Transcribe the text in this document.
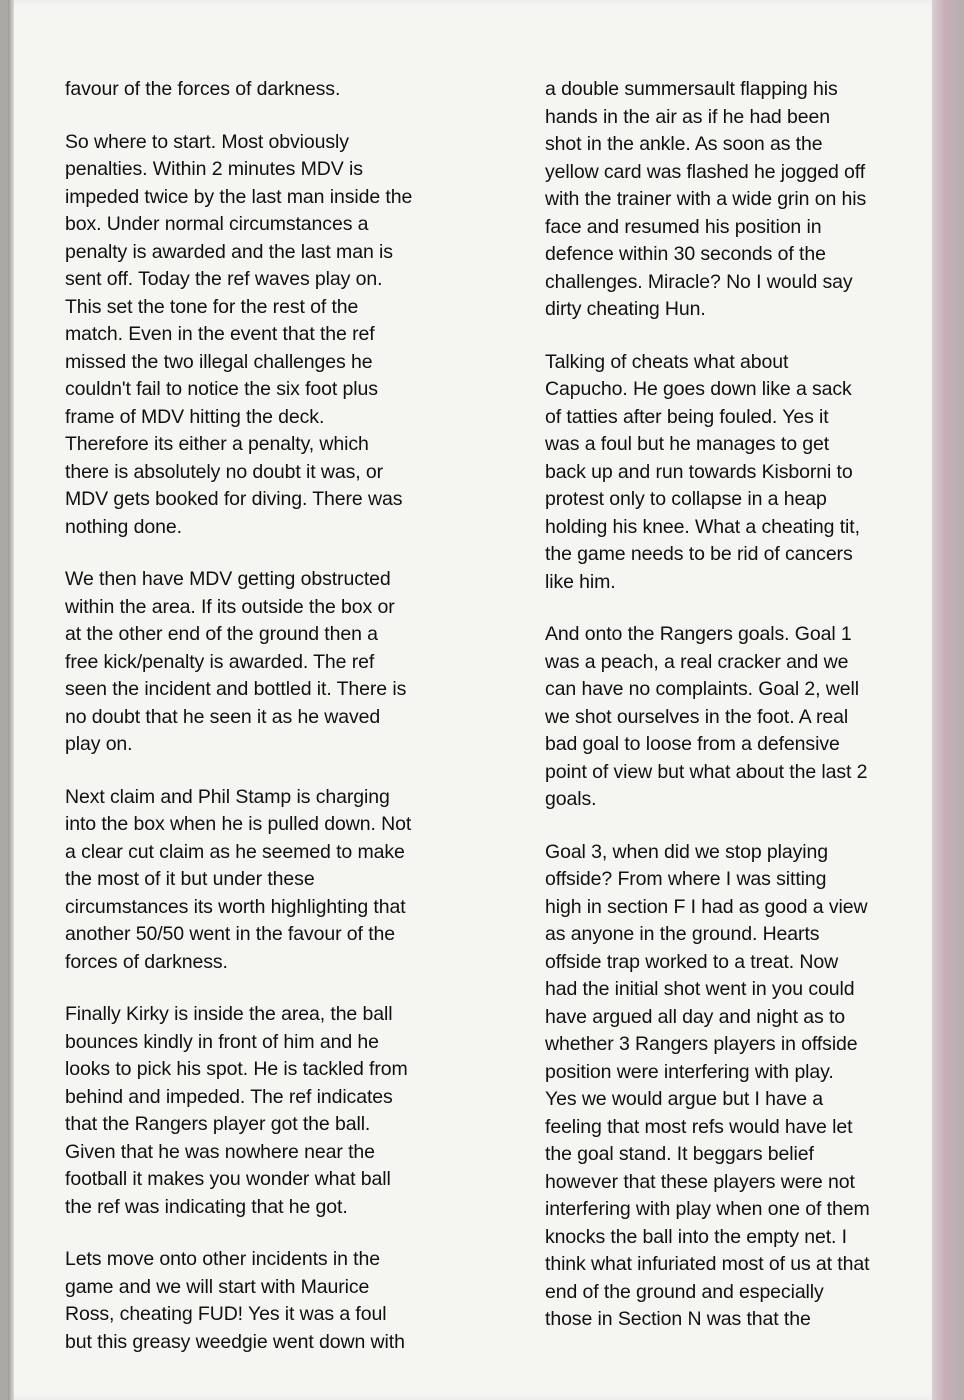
favour of the forces of darkness.

So where to start. Most obviously
penalties. Within 2 minutes MDV is
impeded twice by the last man inside the
box. Under normal circumstances a
penalty is awarded and the last man is
sent off. Today the ref waves play on.
This set the tone for the rest of the
match. Even in the event that the ref
missed the two illegal challenges he
couldn't fail to notice the six foot plus
frame of MDV hitting the deck.
Therefore its either a penalty, which
there is absolutely no doubt it was, or
MDV gets booked for diving. There was
nothing done.

We then have MDV getting obstructed
within the area. If its outside the box or
at the other end of the ground then a
free kick/penalty is awarded. The ref
seen the incident and bottled it. There is
no doubt that he seen it as he waved
play on.

Next claim and Phil Stamp is charging
into the box when he is pulled down. Not
a clear cut claim as he seemed to make
the most of it but under these
circumstances its worth highlighting that
another 50/50 went in the favour of the
forces of darkness.

Finally Kirky is inside the area, the ball
bounces kindly in front of him and he
looks to pick his spot. He is tackled from
behind and impeded. The ref indicates
that the Rangers player got the ball.
Given that he was nowhere near the
football it makes you wonder what ball
the ref was indicating that he got.

Lets move onto other incidents in the
game and we will start with Maurice
Ross, cheating FUD! Yes it was a foul
but this greasy weedgie went down with

a double summersault flapping his
hands in the air as if he had been
shot in the ankle. As soon as the
yellow card was flashed he jogged off
with the trainer with a wide grin on his
face and resumed his position in
defence within 30 seconds of the
challenges. Miracle? No I would say
dirty cheating Hun.

Talking of cheats what about
Capucho. He goes down like a sack
of tatties after being fouled. Yes it
was a foul but he manages to get
back up and run towards Kisborni to
protest only to collapse in a heap
holding his knee. What a cheating tit,
the game needs to be rid of cancers
like him.

And onto the Rangers goals. Goal 1
was a peach, a real cracker and we
can have no complaints. Goal 2, well
we shot ourselves in the foot. A real
bad goal to loose from a defensive
point of view but what about the last 2
goals.

Goal 3, when did we stop playing
offside? From where I was sitting
high in section F I had as good a view
as anyone in the ground. Hearts
offside trap worked to a treat. Now
had the initial shot went in you could
have argued all day and night as to
whether 3 Rangers players in offside
position were interfering with play.
Yes we would argue but I have a
feeling that most refs would have let
the goal stand. It beggars belief
however that these players were not
interfering with play when one of them
knocks the ball into the empty net. I
think what infuriated most of us at that
end of the ground and especially
those in Section N was that the
